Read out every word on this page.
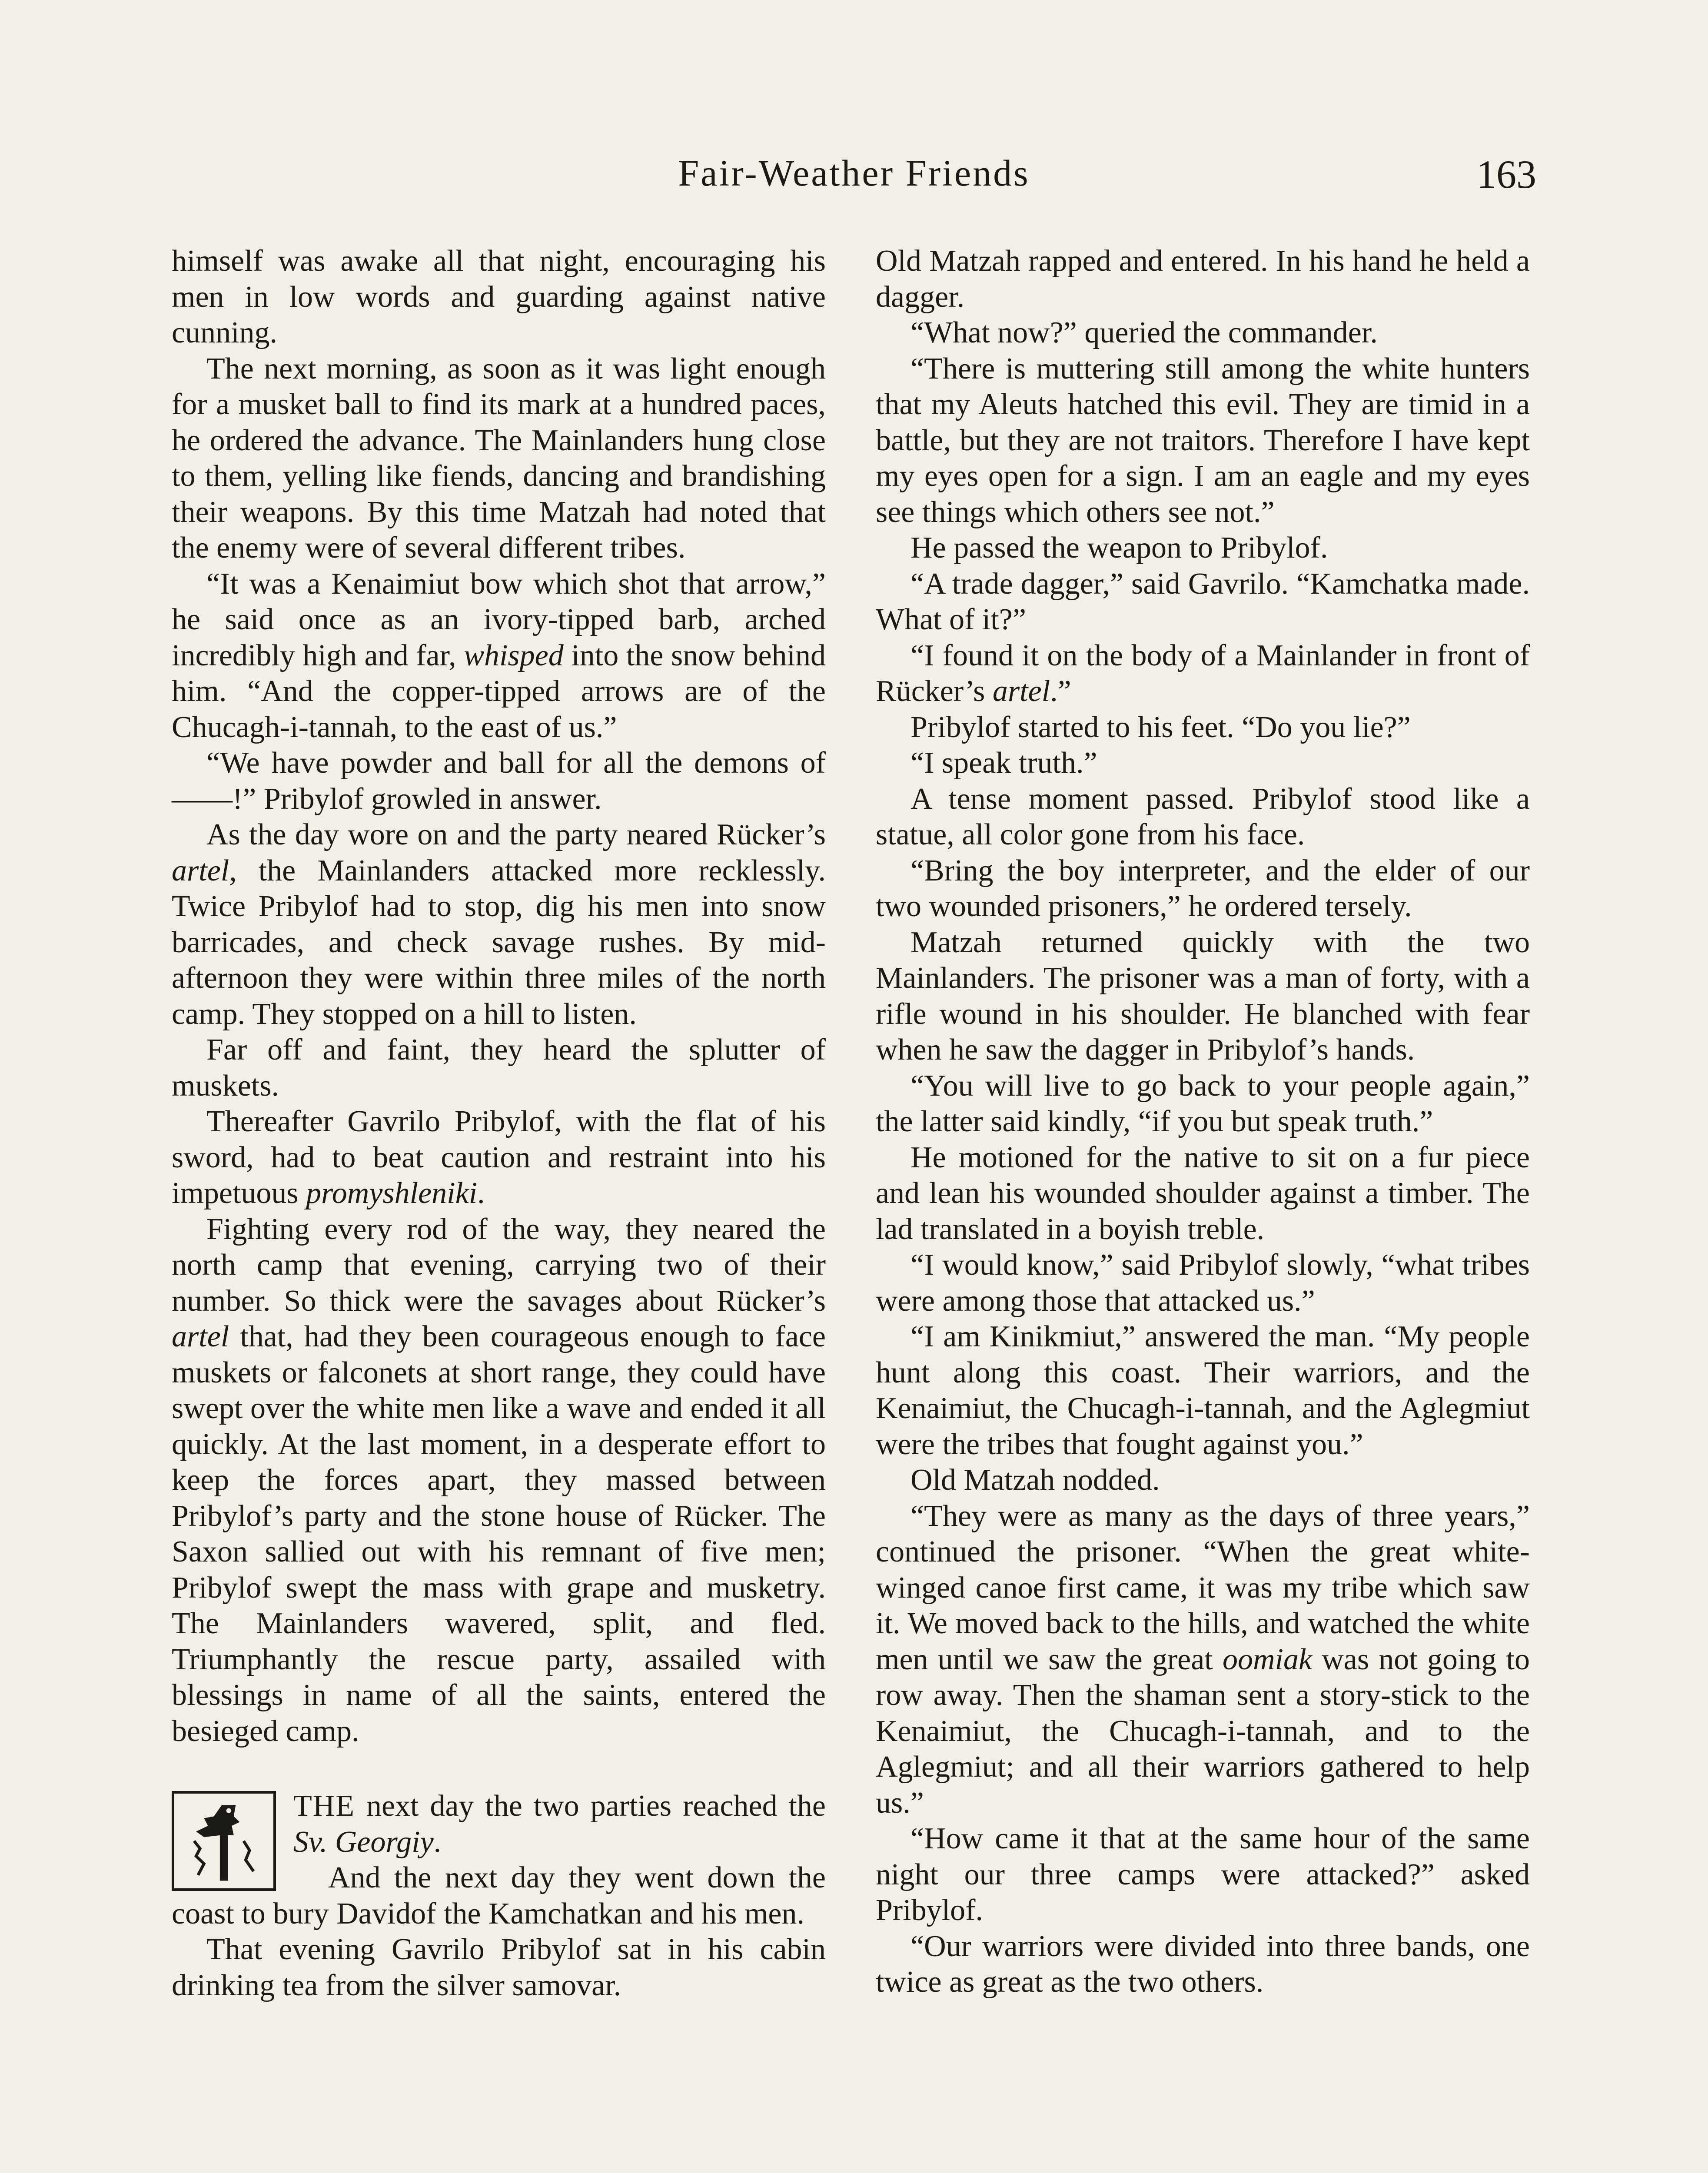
Fair-Weather Friends	163

himself was awake all that night, encouraging his men in low words and guarding against native cunning.

The next morning, as soon as it was light enough for a musket ball to find its mark at a hundred paces, he ordered the advance. The Mainlanders hung close to them, yelling like fiends, dancing and brandishing their weapons. By this time Matzah had noted that the enemy were of several different tribes.

“It was a Kenaimiut bow which shot that arrow,” he said once as an ivory-tipped barb, arched incredibly high and far, whisped into the snow behind him. “And the copper-tipped arrows are of the Chucagh-i-tannah, to the east of us.”

“We have powder and ball for all the demons of ——!” Pribylof growled in answer.

As the day wore on and the party neared Rücker’s artel, the Mainlanders attacked more recklessly. Twice Pribylof had to stop, dig his men into snow barricades, and check savage rushes. By mid-afternoon they were within three miles of the north camp. They stopped on a hill to listen.

Far off and faint, they heard the splutter of muskets.

Thereafter Gavrilo Pribylof, with the flat of his sword, had to beat caution and restraint into his impetuous promyshleniki.

Fighting every rod of the way, they neared the north camp that evening, carrying two of their number. So thick were the savages about Rücker’s artel that, had they been courageous enough to face muskets or falconets at short range, they could have swept over the white men like a wave and ended it all quickly. At the last moment, in a desperate effort to keep the forces apart, they massed between Pribylof’s party and the stone house of Rücker. The Saxon sallied out with his remnant of five men; Pribylof swept the mass with grape and musketry. The Mainlanders wavered, split, and fled. Triumphantly the rescue party, assailed with blessings in name of all the saints, entered the besieged camp.

THE next day the two parties reached the Sv. Georgiy.

And the next day they went down the coast to bury Davidof the Kamchatkan and his men.

That evening Gavrilo Pribylof sat in his cabin drinking tea from the silver samovar.

Old Matzah rapped and entered. In his hand he held a dagger.

“What now?” queried the commander.

“There is muttering still among the white hunters that my Aleuts hatched this evil. They are timid in a battle, but they are not traitors. Therefore I have kept my eyes open for a sign. I am an eagle and my eyes see things which others see not.”

He passed the weapon to Pribylof.

“A trade dagger,” said Gavrilo. “Kamchatka made. What of it?”

“I found it on the body of a Mainlander in front of Rücker’s artel.”

Pribylof started to his feet. “Do you lie?”

“I speak truth.”

A tense moment passed. Pribylof stood like a statue, all color gone from his face.

“Bring the boy interpreter, and the elder of our two wounded prisoners,” he ordered tersely.

Matzah returned quickly with the two Mainlanders. The prisoner was a man of forty, with a rifle wound in his shoulder. He blanched with fear when he saw the dagger in Pribylof’s hands.

“You will live to go back to your people again,” the latter said kindly, “if you but speak truth.”

He motioned for the native to sit on a fur piece and lean his wounded shoulder against a timber. The lad translated in a boyish treble.

“I would know,” said Pribylof slowly, “what tribes were among those that attacked us.”

“I am Kinikmiut,” answered the man. “My people hunt along this coast. Their warriors, and the Kenaimiut, the Chucagh-i-tannah, and the Aglegmiut were the tribes that fought against you.”

Old Matzah nodded.

“They were as many as the days of three years,” continued the prisoner. “When the great white-winged canoe first came, it was my tribe which saw it. We moved back to the hills, and watched the white men until we saw the great oomiak was not going to row away. Then the shaman sent a story-stick to the Kenaimiut, the Chucagh-i-tannah, and to the Aglegmiut; and all their warriors gathered to help us.”

“How came it that at the same hour of the same night our three camps were attacked?” asked Pribylof.

“Our warriors were divided into three bands, one twice as great as the two others.
